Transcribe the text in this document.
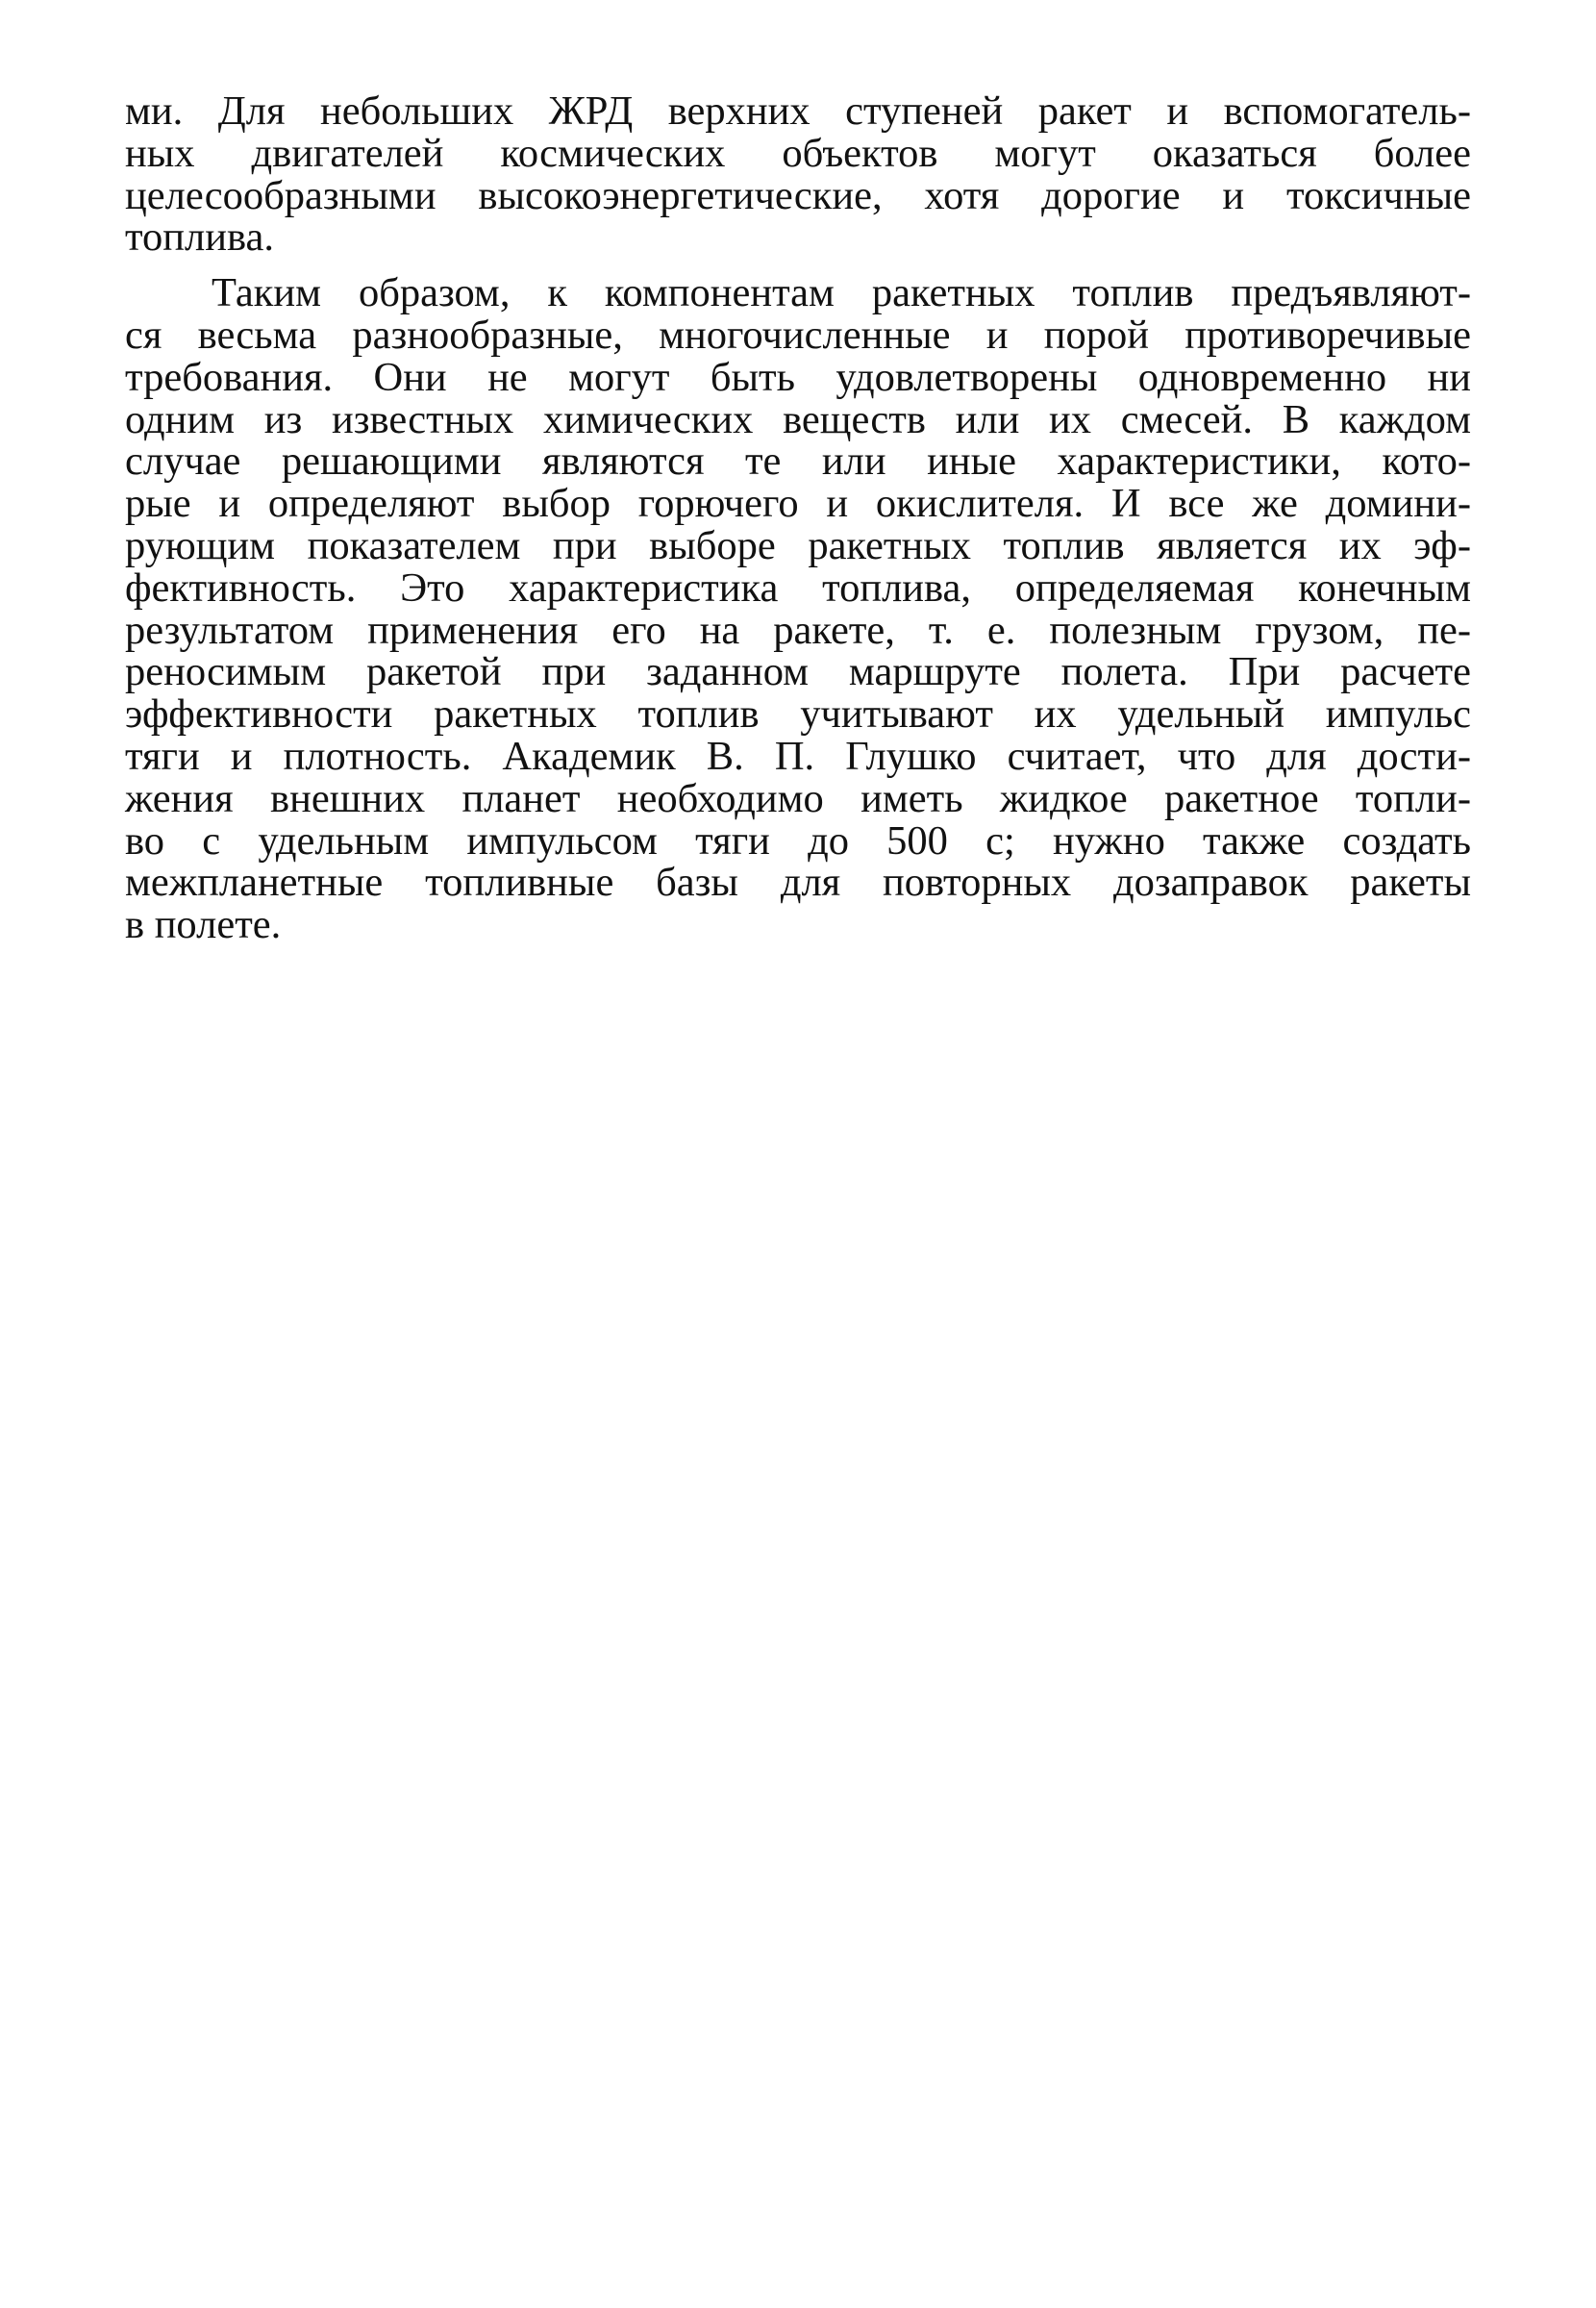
ми. Для небольших ЖРД верхних ступеней ракет и вспомогатель-
ных двигателей космических объектов могут оказаться более
целесообразными высокоэнергетические, хотя дорогие и токсичные
топлива.
Таким образом, к компонентам ракетных топлив предъявляют-
ся весьма разнообразные, многочисленные и порой противоречивые
требования. Они не могут быть удовлетворены одновременно ни
одним из известных химических веществ или их смесей. В каждом
случае решающими являются те или иные характеристики, кото-
рые и определяют выбор горючего и окислителя. И все же домини-
рующим показателем при выборе ракетных топлив является их эф-
фективность. Это характеристика топлива, определяемая конечным
результатом применения его на ракете, т. е. полезным грузом, пе-
реносимым ракетой при заданном маршруте полета. При расчете
эффективности ракетных топлив учитывают их удельный импульс
тяги и плотность. Академик В. П. Глушко считает, что для дости-
жения внешних планет необходимо иметь жидкое ракетное топли-
во с удельным импульсом тяги до 500 с; нужно также создать
межпланетные топливные базы для повторных дозаправок ракеты
в полете.
